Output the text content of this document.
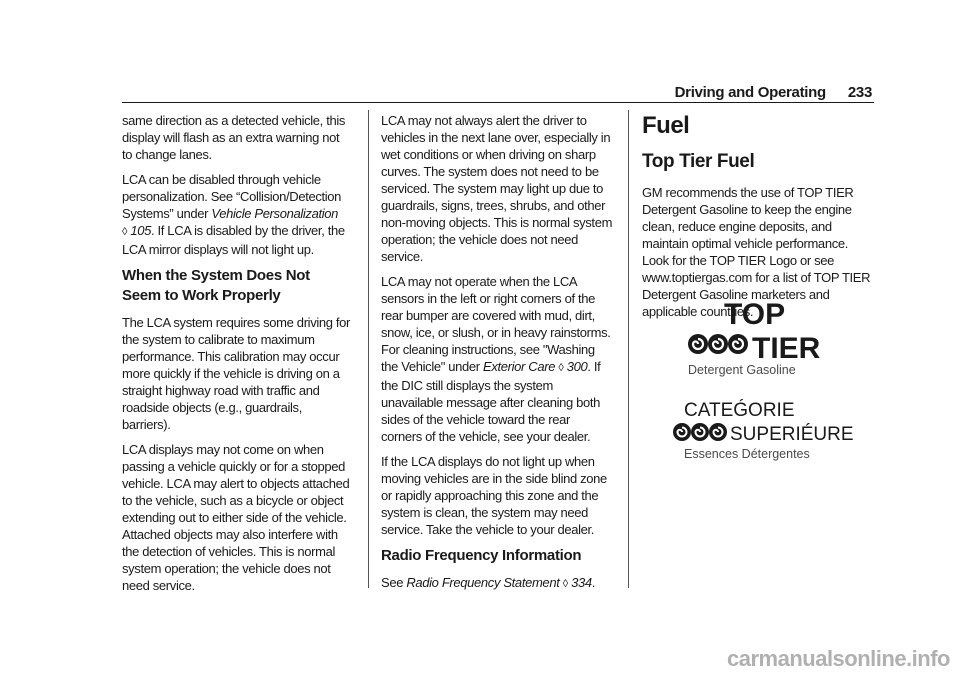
Driving and Operating 233

same direction as a detected vehicle, this display will flash as an extra warning not to change lanes.

LCA can be disabled through vehicle personalization. See “Collision/Detection Systems” under Vehicle Personalization
◊ 105. If LCA is disabled by the driver, the LCA mirror displays will not light up.

When the System Does Not Seem to Work Properly

The LCA system requires some driving for the system to calibrate to maximum performance. This calibration may occur more quickly if the vehicle is driving on a straight highway road with traffic and roadside objects (e.g., guardrails, barriers).

LCA displays may not come on when passing a vehicle quickly or for a stopped vehicle. LCA may alert to objects attached to the vehicle, such as a bicycle or object extending out to either side of the vehicle. Attached objects may also interfere with the detection of vehicles. This is normal system operation; the vehicle does not need service.

LCA may not always alert the driver to vehicles in the next lane over, especially in wet conditions or when driving on sharp curves. The system does not need to be serviced. The system may light up due to guardrails, signs, trees, shrubs, and other non-moving objects. This is normal system operation; the vehicle does not need service.

LCA may not operate when the LCA sensors in the left or right corners of the rear bumper are covered with mud, dirt, snow, ice, or slush, or in heavy rainstorms. For cleaning instructions, see "Washing the Vehicle" under Exterior Care ◊ 300. If the DIC still displays the system unavailable message after cleaning both sides of the vehicle toward the rear corners of the vehicle, see your dealer.

If the LCA displays do not light up when moving vehicles are in the side blind zone or rapidly approaching this zone and the system is clean, the system may need service. Take the vehicle to your dealer.

Radio Frequency Information

See Radio Frequency Statement ◊ 334.

Fuel
Top Tier Fuel

GM recommends the use of TOP TIER Detergent Gasoline to keep the engine clean, reduce engine deposits, and maintain optimal vehicle performance. Look for the TOP TIER Logo or see www.toptiergas.com for a list of TOP TIER Detergent Gasoline marketers and applicable countries.

TOP
TIER
Detergent Gasoline
CATEǴORIE
SUPERIÉURE
Essences Détergentes
carmanualsonline.info
